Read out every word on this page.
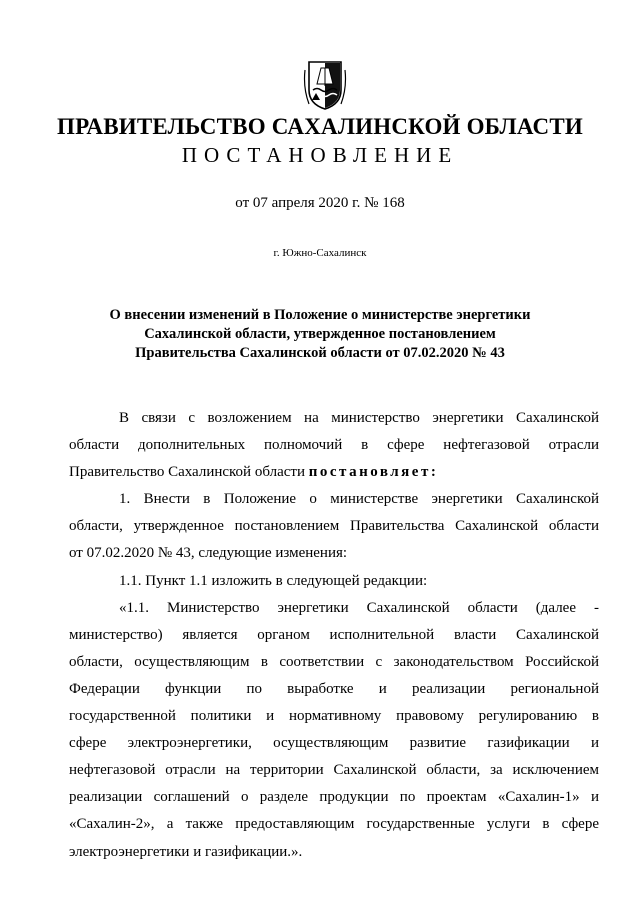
ПРАВИТЕЛЬСТВО САХАЛИНСКОЙ ОБЛАСТИ
ПОСТАНОВЛЕНИЕ
от 07 апреля 2020 г. № 168
г. Южно-Сахалинск
О внесении изменений в Положение о министерстве энергетики
Сахалинской области, утвержденное постановлением
Правительства Сахалинской области от 07.02.2020 № 43
В связи с возложением на министерство энергетики Сахалинской
области дополнительных полномочий в сфере нефтегазовой отрасли
Правительство Сахалинской области постановляет:
1. Внести в Положение о министерстве энергетики Сахалинской
области, утвержденное постановлением Правительства Сахалинской области
от 07.02.2020 № 43, следующие изменения:
1.1. Пункт 1.1 изложить в следующей редакции:
«1.1. Министерство энергетики Сахалинской области (далее -
министерство) является органом исполнительной власти Сахалинской
области, осуществляющим в соответствии с законодательством Российской
Федерации функции по выработке и реализации региональной
государственной политики и нормативному правовому регулированию в
сфере электроэнергетики, осуществляющим развитие газификации и
нефтегазовой отрасли на территории Сахалинской области, за исключением
реализации соглашений о разделе продукции по проектам «Сахалин-1» и
«Сахалин-2», а также предоставляющим государственные услуги в сфере
электроэнергетики и газификации.».
